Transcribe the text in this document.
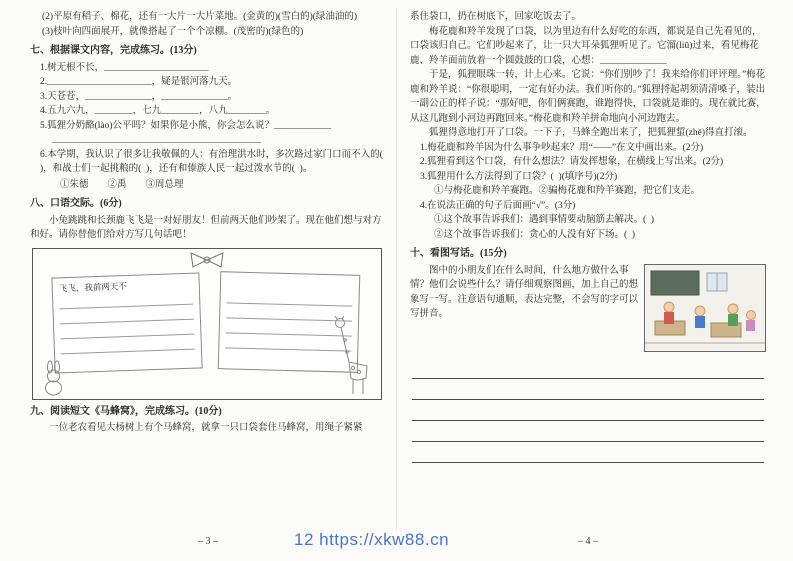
(2)平原有稻子、棉花，还有一大片一大片菜地。(金黄的)(雪白的)(绿油油的)

(3)枝叶向四面展开，就像搭起了一个个凉棚。(茂密的)(绿色的)

七、根据课文内容，完成练习。(13分)

1.树无根不长，______________________

2.______________________，疑是银河落九天。

3.天苍苍，______________，______________。

4.五九六九，________，七九________，八九________。

5.狐狸分奶酪(lào)公平吗？如果你是小熊，你会怎么说？____________

____________________________________________

6.本学期，我认识了很多让我敬佩的人：有治理洪水时，多次路过家门口而不入的(  )，和战士们一起挑粮的(  )，还有和傣族人民一起过泼水节的(  )。

①朱德　　②禹　　③周总理

八、口语交际。(6分)

小兔跳跳和长颈鹿飞飞是一对好朋友！但前两天他们吵架了。现在他们想与对方和好。请你替他们给对方写几句话吧！

飞飞，我前两天不

九、阅读短文《马蜂窝》，完成练习。(10分)

一位老农看见大杨树上有个马蜂窝，就拿一只口袋套住马蜂窝，用绳子紧紧

系住袋口，扔在树底下，回家吃饭去了。

梅花鹿和羚羊发现了口袋，以为里边有什么好吃的东西，都说是自己先看见的，口袋该归自己。它们吵起来了，让一只大耳朵狐狸听见了。它溜(liū)过来，看见梅花鹿、羚羊面前放着一个圆鼓鼓的口袋，心想：______________

于是，狐狸眼珠一转，计上心来。它说：“你们别吵了！我来给你们评评理。”梅花鹿和羚羊说：“你很聪明，一定有好办法。我们听你的。”狐狸捋起胡须清清嗓子，装出一副公正的样子说：“那好吧，你们俩赛跑，谁跑得快，口袋就是谁的。现在就比赛，从这儿跑到小河边再跑回来。”梅花鹿和羚羊拼命地向小河边跑去。

狐狸得意地打开了口袋。一下子，马蜂全跑出来了，把狐狸蜇(zhē)得直打滚。

1.梅花鹿和羚羊因为什么事争吵起来？用“——”在文中画出来。(2分)

2.狐狸看到这个口袋，有什么想法？请发挥想象，在横线上写出来。(2分)

3.狐狸用什么方法得到了口袋？(  )(填序号)(2分)

①与梅花鹿和羚羊赛跑。②骗梅花鹿和羚羊赛跑，把它们支走。

4.在说法正确的句子后面画“√”。(3分)

①这个故事告诉我们：遇到事情要动脑筋去解决。(  )

②这个故事告诉我们：贪心的人没有好下场。(  )

十、看图写话。(15分)

图中的小朋友们在什么时间，什么地方做什么事情？他们会说些什么？请仔细观察图画，加上自己的想象写一写。注意语句通顺，表达完整，不会写的字可以写拼音。

– 3 –	– 4 –
12 https://xkw88.cn
